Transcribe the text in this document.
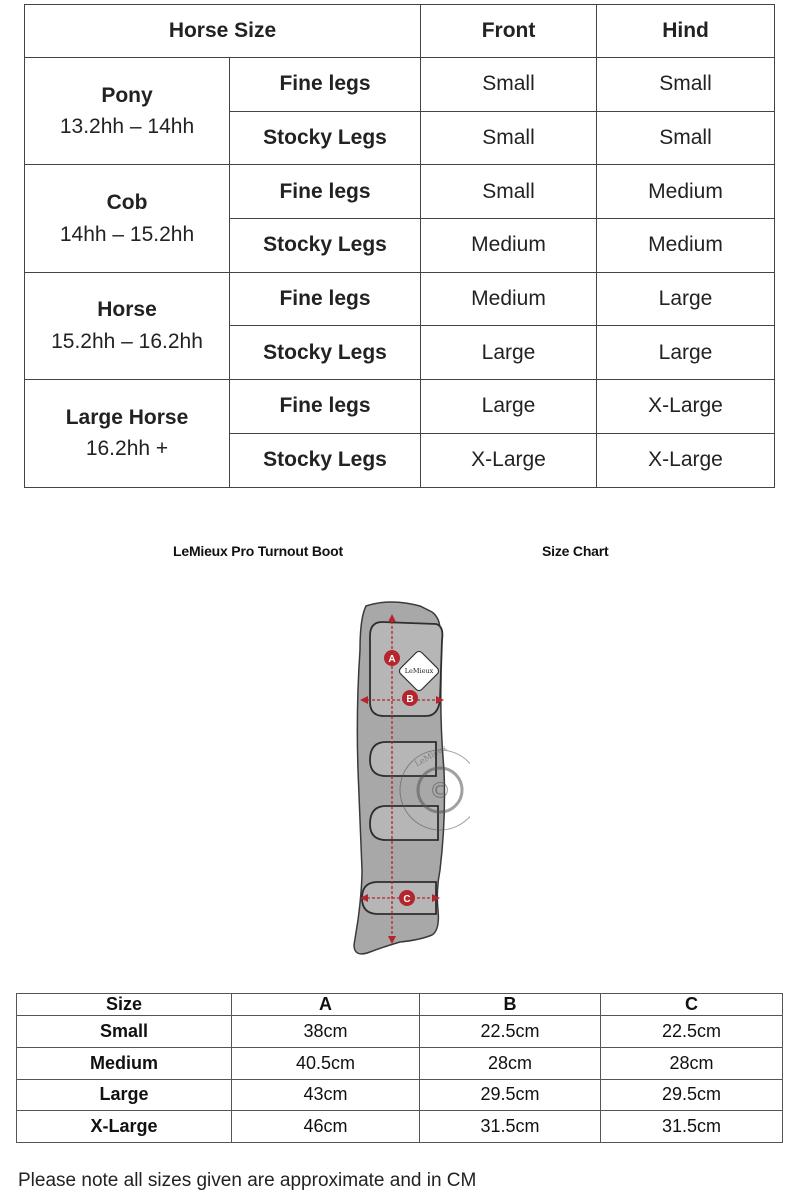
Horse Size		Front	Hind
Pony
13.2hh – 14hh	Fine legs	Small	Small
	Stocky Legs	Small	Small
Cob
14hh – 15.2hh	Fine legs	Small	Medium
	Stocky Legs	Medium	Medium
Horse
15.2hh – 16.2hh	Fine legs	Medium	Large
	Stocky Legs	Large	Large
Large Horse
16.2hh +	Fine legs	Large	X-Large
	Stocky Legs	X-Large	X-Large
LeMieux Pro Turnout Boot	Size Chart
LeMieux
©
LeMieux
A
B
C
Size	A	B	C
Small	38cm	22.5cm	22.5cm
Medium	40.5cm	28cm	28cm
Large	43cm	29.5cm	29.5cm
X-Large	46cm	31.5cm	31.5cm
Please note all sizes given are approximate and in CM
